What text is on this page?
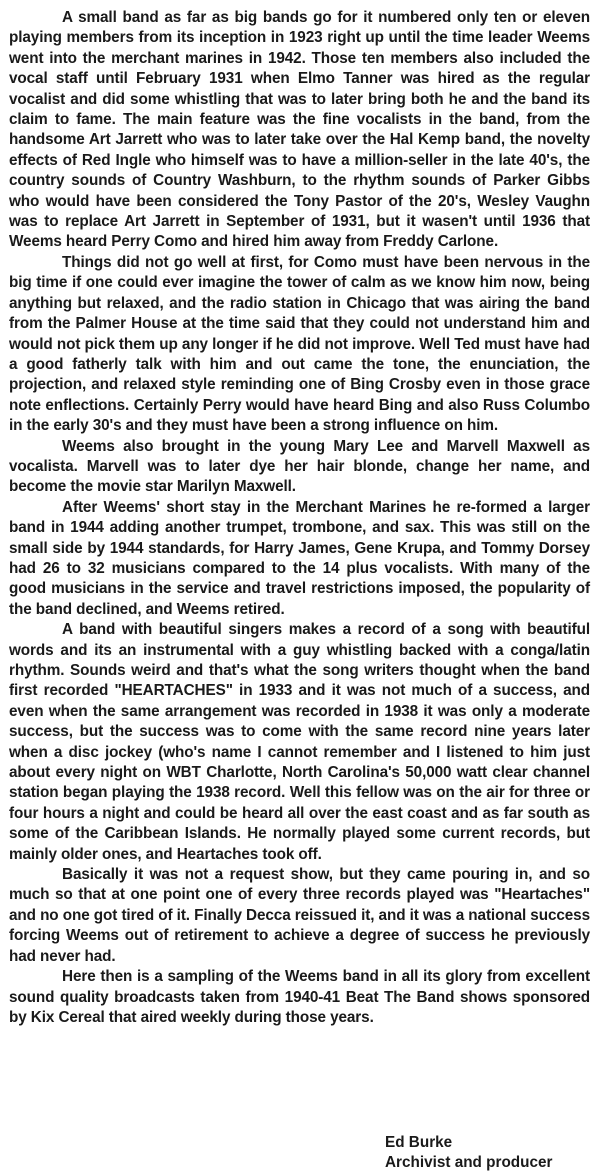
A small band as far as big bands go for it numbered only ten or eleven playing members from its inception in 1923 right up until the time leader Weems went into the merchant marines in 1942. Those ten members also included the vocal staff until February 1931 when Elmo Tanner was hired as the regular vocalist and did some whistling that was to later bring both he and the band its claim to fame. The main feature was the fine vocalists in the band, from the handsome Art Jarrett who was to later take over the Hal Kemp band, the novelty effects of Red Ingle who himself was to have a million-seller in the late 40's, the country sounds of Country Washburn, to the rhythm sounds of Parker Gibbs who would have been considered the Tony Pastor of the 20's, Wesley Vaughn was to replace Art Jarrett in September of 1931, but it wasen't until 1936 that Weems heard Perry Como and hired him away from Freddy Carlone.

Things did not go well at first, for Como must have been nervous in the big time if one could ever imagine the tower of calm as we know him now, being anything but relaxed, and the radio station in Chicago that was airing the band from the Palmer House at the time said that they could not understand him and would not pick them up any longer if he did not improve. Well Ted must have had a good fatherly talk with him and out came the tone, the enunciation, the projection, and relaxed style reminding one of Bing Crosby even in those grace note enflections. Certainly Perry would have heard Bing and also Russ Columbo in the early 30's and they must have been a strong influence on him.

Weems also brought in the young Mary Lee and Marvell Maxwell as vocalista. Marvell was to later dye her hair blonde, change her name, and become the movie star Marilyn Maxwell.

After Weems' short stay in the Merchant Marines he re-formed a larger band in 1944 adding another trumpet, trombone, and sax. This was still on the small side by 1944 standards, for Harry James, Gene Krupa, and Tommy Dorsey had 26 to 32 musicians compared to the 14 plus vocalists. With many of the good musicians in the service and travel restrictions imposed, the popularity of the band declined, and Weems retired.

A band with beautiful singers makes a record of a song with beautiful words and its an instrumental with a guy whistling backed with a conga/latin rhythm. Sounds weird and that's what the song writers thought when the band first recorded "HEARTACHES" in 1933 and it was not much of a success, and even when the same arrangement was recorded in 1938 it was only a moderate success, but the success was to come with the same record nine years later when a disc jockey (who's name I cannot remember and I listened to him just about every night on WBT Charlotte, North Carolina's 50,000 watt clear channel station began playing the 1938 record. Well this fellow was on the air for three or four hours a night and could be heard all over the east coast and as far south as some of the Caribbean Islands. He normally played some current records, but mainly older ones, and Heartaches took off.

Basically it was not a request show, but they came pouring in, and so much so that at one point one of every three records played was "Heartaches" and no one got tired of it. Finally Decca reissued it, and it was a national success forcing Weems out of retirement to achieve a degree of success he previously had never had.

Here then is a sampling of the Weems band in all its glory from excellent sound quality broadcasts taken from 1940-41 Beat The Band shows sponsored by Kix Cereal that aired weekly during those years.

Ed Burke
Archivist and producer
